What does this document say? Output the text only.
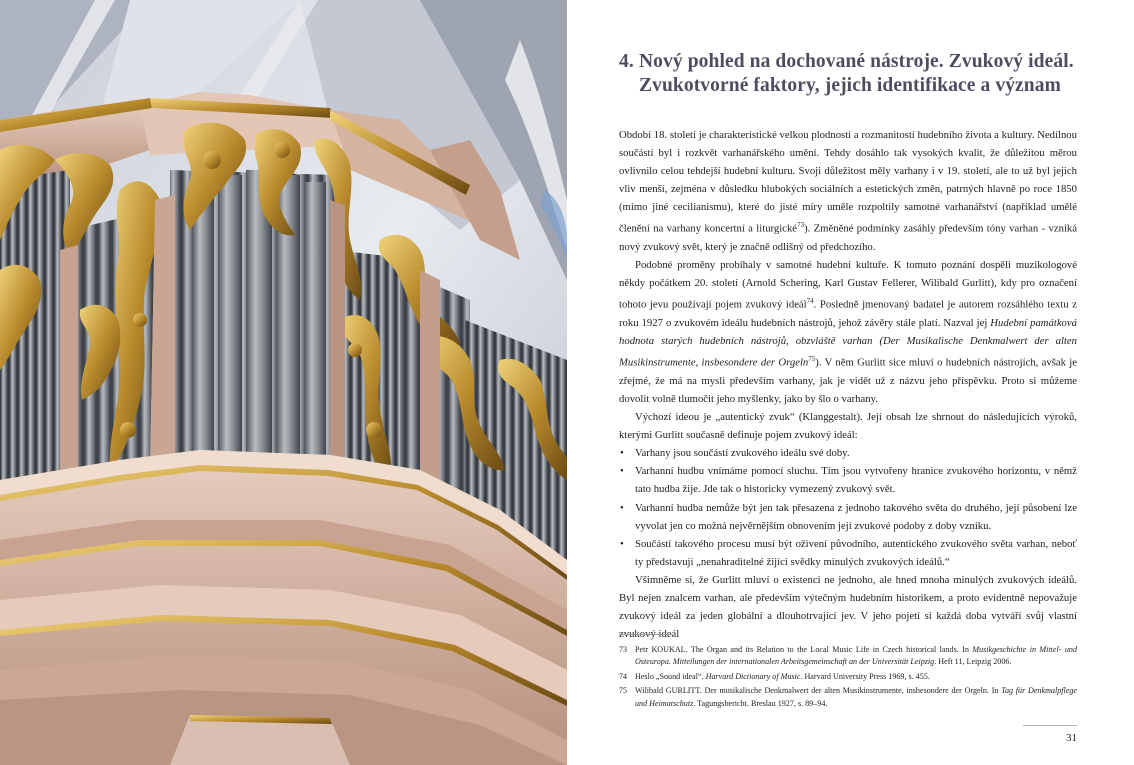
4. Nový pohled na dochované nástroje. Zvukový ideál.
Zvukotvorné faktory, jejich identifikace a význam

Období 18. století je charakteristické velkou plodností a rozmanitostí hudebního života a kultury. Nedílnou součástí byl i rozkvět varhanářského umění. Tehdy dosáhlo tak vysokých kvalit, že důležitou měrou ovlivnilo celou tehdejší hudební kulturu. Svoji důležitost měly varhany i v 19. století, ale to už byl jejich vliv menší, zejména v důsledku hlubokých sociálních a estetických změn, patrných hlavně po roce 1850 (mimo jiné cecilianismu), které do jisté míry uměle rozpoltily samotné varhanářství (například umělé členění na varhany koncertní a liturgické$^{73}$). Změněné podmínky zasáhly především tóny varhan - vzniká nový zvukový svět, který je značně odlišný od předchozího.

Podobné proměny probíhaly v samotné hudební kultuře. K tomuto poznání dospěli muzikologové někdy počátkem 20. století (Arnold Schering, Karl Gustav Fellerer, Wilibald Gurlitt), kdy pro označení tohoto jevu používají pojem zvukový ideál$^{74}$. Posledně jmenovaný badatel je autorem rozsáhlého textu z roku 1927 o zvukovém ideálu hudebních nástrojů, jehož závěry stále platí. Nazval jej Hudební památková hodnota starých hudebních nástrojů, obzvláště varhan (Der Musikalische Denkmalwert der alten Musikinstrumente, insbesondere der Orgeln$^{75}$). V něm Gurlitt sice mluví o hudebních nástrojích, avšak je zřejmé, že má na mysli především varhany, jak je vidět už z názvu jeho příspěvku. Proto si můžeme dovolit volně tlumočit jeho myšlenky, jako by šlo o varhany.

Výchozí ideou je „autentický zvuk“ (Klanggestalt). Její obsah lze shrnout do následujících výroků, kterými Gurlitt současně definuje pojem zvukový ideál:

• Varhany jsou součástí zvukového ideálu své doby.
• Varhanní hudbu vnímáme pomocí sluchu. Tím jsou vytvořeny hranice zvukového horizontu, v němž tato hudba žije. Jde tak o historicky vymezený zvukový svět.
• Varhanní hudba nemůže být jen tak přesazena z jednoho takového světa do druhého, její působení lze vyvolat jen co možná nejvěrnějším obnovením její zvukové podoby z doby vzniku.
• Součástí takového procesu musí být oživení původního, autentického zvukového světa varhan, neboť ty představují „nenahraditelné žijící svědky minulých zvukových ideálů.“

Všimněme si, že Gurlitt mluví o existenci ne jednoho, ale hned mnoha minulých zvukových ideálů. Byl nejen znalcem varhan, ale především výtečným hudebním historikem, a proto evidentně nepovažuje zvukový ideál za jeden globální a dlouhotrvající jev. V jeho pojetí si každá doba vytváří svůj vlastní zvukový ideál

73 Petr KOUKAL. The Organ and its Relation to the Local Music Life in Czech historical lands. In Musikgeschichte in Mittel- und Osteuropa. Mitteilungen der internationalen Arbeitsgemeinschaft an der Universität Leipzig. Heft 11, Leipzig 2006.
74 Heslo „Sound ideal“. Harvard Dictionary of Music. Harvard University Press 1969, s. 455.
75 Wilibald GURLITT. Der musikalische Denkmalwert der alten Musikinstrumente, insbesondere der Orgeln. In Tag für Denkmalpflege und Heimatschutz. Tagungsbericht. Breslau 1927, s. 89–94.
31
